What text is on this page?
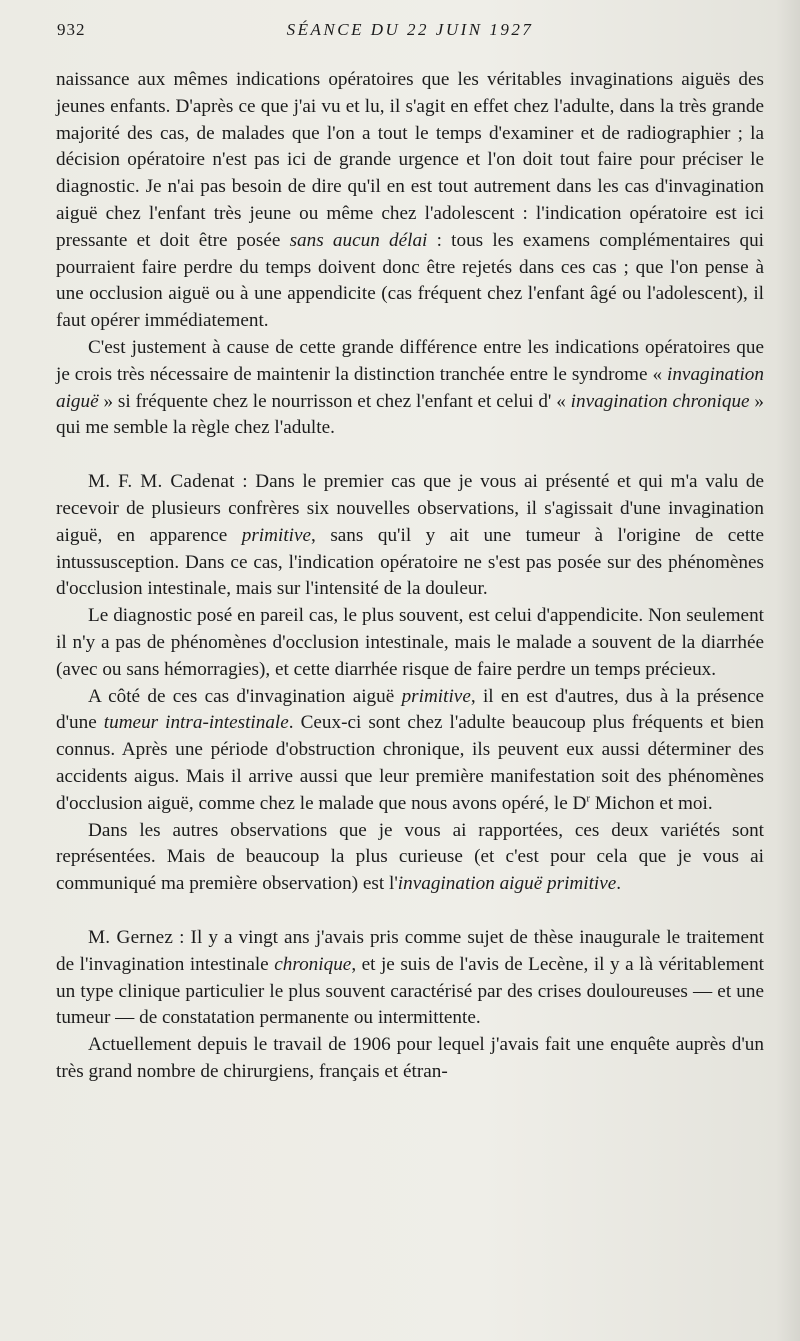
932	SÉANCE DU 22 JUIN 1927

naissance aux mêmes indications opératoires que les véritables invaginations aiguës des jeunes enfants. D'après ce que j'ai vu et lu, il s'agit en effet chez l'adulte, dans la très grande majorité des cas, de malades que l'on a tout le temps d'examiner et de radiographier ; la décision opératoire n'est pas ici de grande urgence et l'on doit tout faire pour préciser le diagnostic. Je n'ai pas besoin de dire qu'il en est tout autrement dans les cas d'invagination aiguë chez l'enfant très jeune ou même chez l'adolescent : l'indication opératoire est ici pressante et doit être posée sans aucun délai : tous les examens complémentaires qui pourraient faire perdre du temps doivent donc être rejetés dans ces cas ; que l'on pense à une occlusion aiguë ou à une appendicite (cas fréquent chez l'enfant âgé ou l'adolescent), il faut opérer immédiatement.

C'est justement à cause de cette grande différence entre les indications opératoires que je crois très nécessaire de maintenir la distinction tranchée entre le syndrome « invagination aiguë » si fréquente chez le nourrisson et chez l'enfant et celui d' « invagination chronique » qui me semble la règle chez l'adulte.

M. F. M. Cadenat : Dans le premier cas que je vous ai présenté et qui m'a valu de recevoir de plusieurs confrères six nouvelles observations, il s'agissait d'une invagination aiguë, en apparence primitive, sans qu'il y ait une tumeur à l'origine de cette intussusception. Dans ce cas, l'indication opératoire ne s'est pas posée sur des phénomènes d'occlusion intestinale, mais sur l'intensité de la douleur.

Le diagnostic posé en pareil cas, le plus souvent, est celui d'appendicite. Non seulement il n'y a pas de phénomènes d'occlusion intestinale, mais le malade a souvent de la diarrhée (avec ou sans hémorragies), et cette diarrhée risque de faire perdre un temps précieux.

A côté de ces cas d'invagination aiguë primitive, il en est d'autres, dus à la présence d'une tumeur intra-intestinale. Ceux-ci sont chez l'adulte beaucoup plus fréquents et bien connus. Après une période d'obstruction chronique, ils peuvent eux aussi déterminer des accidents aigus. Mais il arrive aussi que leur première manifestation soit des phénomènes d'occlusion aiguë, comme chez le malade que nous avons opéré, le $D^r$ Michon et moi.

Dans les autres observations que je vous ai rapportées, ces deux variétés sont représentées. Mais de beaucoup la plus curieuse (et c'est pour cela que je vous ai communiqué ma première observation) est l'invagination aiguë primitive.

M. Gernez : Il y a vingt ans j'avais pris comme sujet de thèse inaugurale le traitement de l'invagination intestinale chronique, et je suis de l'avis de Lecène, il y a là véritablement un type clinique particulier le plus souvent caractérisé par des crises douloureuses — et une tumeur — de constatation permanente ou intermittente.

Actuellement depuis le travail de 1906 pour lequel j'avais fait une enquête auprès d'un très grand nombre de chirurgiens, français et étran-
